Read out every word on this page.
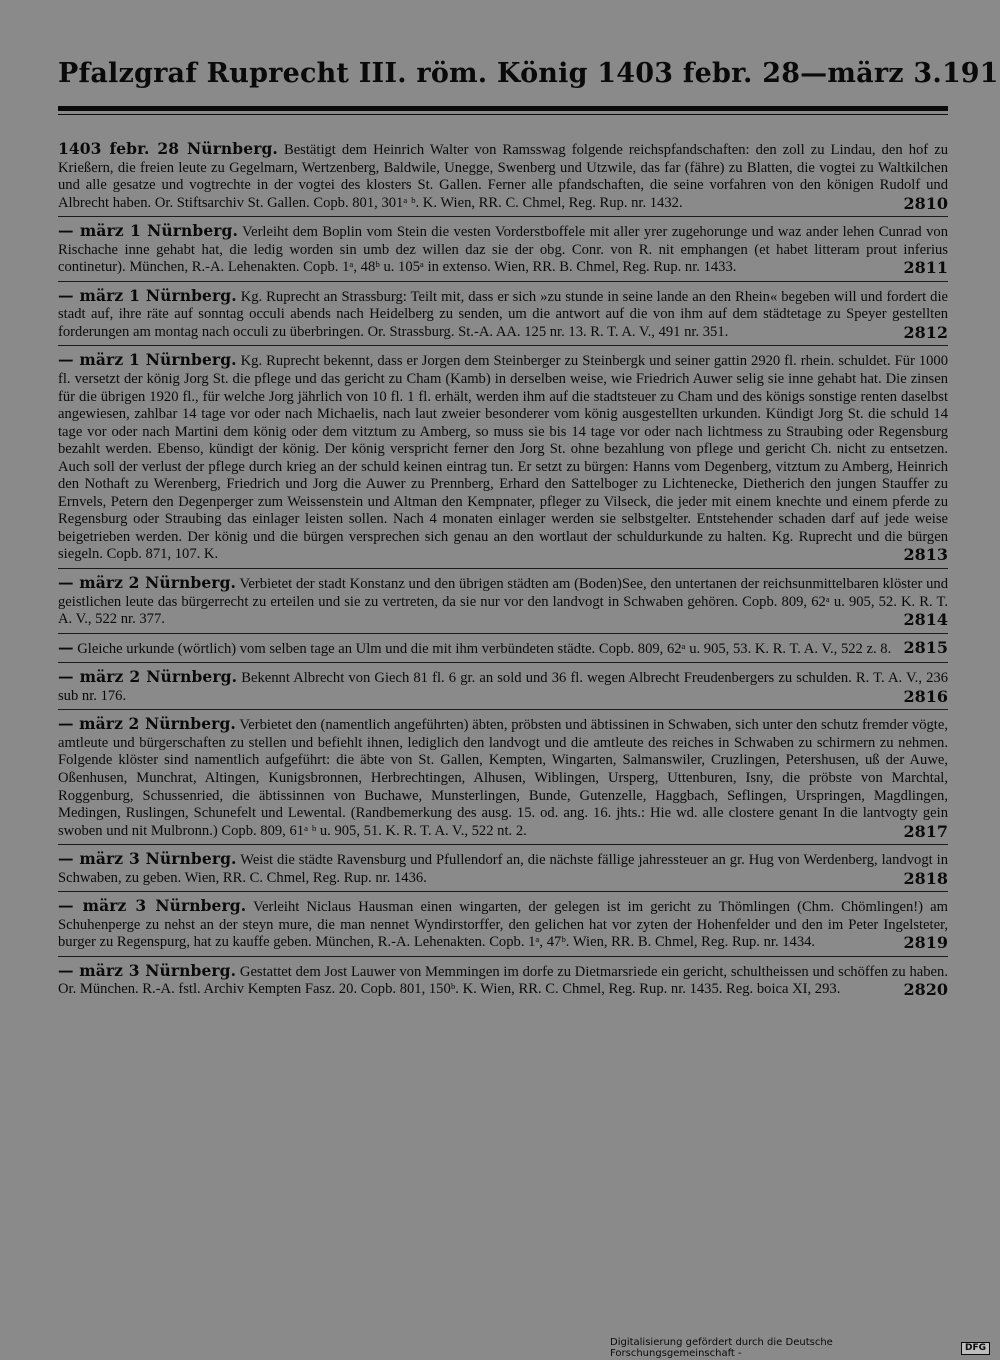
Pfalzgraf Ruprecht III. röm. König 1403 febr. 28—märz 3. 191
1403 febr. 28 Nürnberg. Bestätigt dem Heinrich Walter von Ramsswag folgende reichspfandschaften: den zoll zu Lindau, den hof zu Krießern, die freien leute zu Gegelmarn, Wertzenberg, Baldwile, Unegge, Swenberg und Utzwile, das far (fähre) zu Blatten, die vogtei zu Waltkilchen und alle gesatze und vogtrechte in der vogtei des klosters St. Gallen. Ferner alle pfandschaften, die seine vorfahren von den königen Rudolf und Albrecht haben. Or. Stiftsarchiv St. Gallen. Copb. 801, 301ᵃ ᵇ. K. Wien, RR. C. Chmel, Reg. Rup. nr. 1432.	2810
— märz 1 Nürnberg. Verleiht dem Boplin vom Stein die vesten Vorderstboffele mit aller yrer zugehorunge und waz ander lehen Cunrad von Rischache inne gehabt hat, die ledig worden sin umb dez willen daz sie der obg. Conr. von R. nit emphangen (et habet litteram prout inferius continetur). München, R.-A. Lehenakten. Copb. 1ᵃ, 48ᵇ u. 105ᵃ in extenso. Wien, RR. B. Chmel, Reg. Rup. nr. 1433.	2811
— märz 1 Nürnberg. Kg. Ruprecht an Strassburg: Teilt mit, dass er sich »zu stunde in seine lande an den Rhein« begeben will und fordert die stadt auf, ihre räte auf sonntag occuli abends nach Heidelberg zu senden, um die antwort auf die von ihm auf dem städtetage zu Speyer gestellten forderungen am montag nach occuli zu überbringen. Or. Strassburg. St.-A. AA. 125 nr. 13. R. T. A. V., 491 nr. 351.	2812
— märz 1 Nürnberg. Kg. Ruprecht bekennt, dass er Jorgen dem Steinberger zu Steinbergk und seiner gattin 2920 fl. rhein. schuldet. Für 1000 fl. versetzt der könig Jorg St. die pflege und das gericht zu Cham (Kamb) in derselben weise, wie Friedrich Auwer selig sie inne gehabt hat. Die zinsen für die übrigen 1920 fl., für welche Jorg jährlich von 10 fl. 1 fl. erhält, werden ihm auf die stadtsteuer zu Cham und des königs sonstige renten daselbst angewiesen, zahlbar 14 tage vor oder nach Michaelis, nach laut zweier besonderer vom könig ausgestellten urkunden. Kündigt Jorg St. die schuld 14 tage vor oder nach Martini dem könig oder dem vitztum zu Amberg, so muss sie bis 14 tage vor oder nach lichtmess zu Straubing oder Regensburg bezahlt werden. Ebenso, kündigt der könig. Der könig verspricht ferner den Jorg St. ohne bezahlung von pflege und gericht Ch. nicht zu entsetzen. Auch soll der verlust der pflege durch krieg an der schuld keinen eintrag tun. Er setzt zu bürgen: Hanns vom Degenberg, vitztum zu Amberg, Heinrich den Nothaft zu Werenberg, Friedrich und Jorg die Auwer zu Prennberg, Erhard den Sattelboger zu Lichtenecke, Dietherich den jungen Stauffer zu Ernvels, Petern den Degenperger zum Weissenstein und Altman den Kempnater, pfleger zu Vilseck, die jeder mit einem knechte und einem pferde zu Regensburg oder Straubing das einlager leisten sollen. Nach 4 monaten einlager werden sie selbstgelter. Entstehender schaden darf auf jede weise beigetrieben werden. Der könig und die bürgen versprechen sich genau an den wortlaut der schuldurkunde zu halten. Kg. Ruprecht und die bürgen siegeln. Copb. 871, 107. K.	2813
— märz 2 Nürnberg. Verbietet der stadt Konstanz und den übrigen städten am (Boden)See, den untertanen der reichsunmittelbaren klöster und geistlichen leute das bürgerrecht zu erteilen und sie zu vertreten, da sie nur vor den landvogt in Schwaben gehören. Copb. 809, 62ᵃ u. 905, 52. K. R. T. A. V., 522 nr. 377.	2814
— Gleiche urkunde (wörtlich) vom selben tage an Ulm und die mit ihm verbündeten städte. Copb. 809, 62ᵃ u. 905, 53. K. R. T. A. V., 522 z. 8. 2815
— märz 2 Nürnberg. Bekennt Albrecht von Giech 81 fl. 6 gr. an sold und 36 fl. wegen Albrecht Freudenbergers zu schulden. R. T. A. V., 236 sub nr. 176.	2816
— märz 2 Nürnberg. Verbietet den (namentlich angeführten) äbten, pröbsten und äbtissinen in Schwaben, sich unter den schutz fremder vögte, amtleute und bürgerschaften zu stellen und befiehlt ihnen, lediglich den landvogt und die amtleute des reiches in Schwaben zu schirmern zu nehmen. Folgende klöster sind namentlich aufgeführt: die äbte von St. Gallen, Kempten, Wingarten, Salmanswiler, Cruzlingen, Petershusen, uß der Auwe, Oßenhusen, Munchrat, Altingen, Kunigsbronnen, Herbrechtingen, Alhusen, Wiblingen, Ursperg, Uttenburen, Isny, die pröbste von Marchtal, Roggenburg, Schussenried, die äbtissinnen von Buchawe, Munsterlingen, Bunde, Gutenzelle, Haggbach, Seflingen, Urspringen, Magdlingen, Medingen, Ruslingen, Schunefelt und Lewental. (Randbemerkung des ausg. 15. od. ang. 16. jhts.: Hie wd. alle clostere genant In die lantvogty gein swoben und nit Mulbronn.) Copb. 809, 61ᵃ ᵇ u. 905, 51. K. R. T. A. V., 522 nt. 2.	2817
— märz 3 Nürnberg. Weist die städte Ravensburg und Pfullendorf an, die nächste fällige jahressteuer an gr. Hug von Werdenberg, landvogt in Schwaben, zu geben. Wien, RR. C. Chmel, Reg. Rup. nr. 1436.	2818
— märz 3 Nürnberg. Verleiht Niclaus Hausman einen wingarten, der gelegen ist im gericht zu Thömlingen (Chm. Chömlingen!) am Schuhenperge zu nehst an der steyn mure, die man nennet Wyndirstorffer, den gelichen hat vor zyten der Hohenfelder und den im Peter Ingelsteter, burger zu Regenspurg, hat zu kauffe geben. München, R.-A. Lehenakten. Copb. 1ᵃ, 47ᵇ. Wien, RR. B. Chmel, Reg. Rup. nr. 1434.	2819
— märz 3 Nürnberg. Gestattet dem Jost Lauwer von Memmingen im dorfe zu Dietmarsriede ein gericht, schultheissen und schöffen zu haben. Or. München. R.-A. fstl. Archiv Kempten Fasz. 20. Copb. 801, 150ᵇ. K. Wien, RR. C. Chmel, Reg. Rup. nr. 1435. Reg. boica XI, 293.	2820
Digitalisierung gefördert durch die Deutsche Forschungsgemeinschaft -
DFG
